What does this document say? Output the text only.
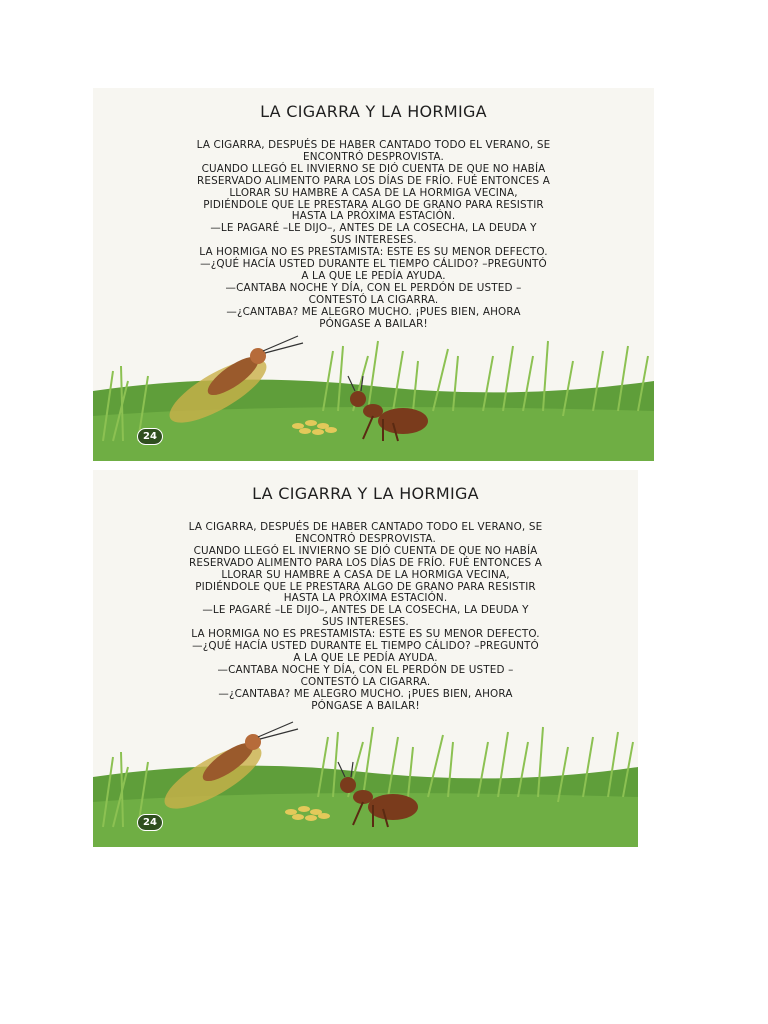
LA CIGARRA Y LA HORMIGA
LA CIGARRA, DESPUÉS DE HABER CANTADO TODO EL VERANO, SE
ENCONTRÓ DESPROVISTA.
CUANDO LLEGÓ EL INVIERNO SE DIÓ CUENTA DE QUE NO HABÍA
RESERVADO ALIMENTO PARA LOS DÍAS DE FRÍO. FUÉ ENTONCES A
LLORAR SU HAMBRE A CASA DE LA HORMIGA VECINA,
PIDIÉNDOLE QUE LE PRESTARA ALGO DE GRANO PARA RESISTIR
HASTA LA PRÓXIMA ESTACIÓN.
—LE PAGARÉ –LE DIJO–, ANTES DE LA COSECHA, LA DEUDA Y
SUS INTERESES.
LA HORMIGA NO ES PRESTAMISTA: ESTE ES SU MENOR DEFECTO.
—¿QUÉ HACÍA USTED DURANTE EL TIEMPO CÁLIDO? –PREGUNTÓ
A LA QUE LE PEDÍA AYUDA.
—CANTABA NOCHE Y DÍA, CON EL PERDÓN DE USTED –
CONTESTÓ LA CIGARRA.
—¿CANTABA? ME ALEGRO MUCHO. ¡PUES BIEN, AHORA
PÓNGASE A BAILAR!
24
LA CIGARRA Y LA HORMIGA
LA CIGARRA, DESPUÉS DE HABER CANTADO TODO EL VERANO, SE
ENCONTRÓ DESPROVISTA.
CUANDO LLEGÓ EL INVIERNO SE DIÓ CUENTA DE QUE NO HABÍA
RESERVADO ALIMENTO PARA LOS DÍAS DE FRÍO. FUÉ ENTONCES A
LLORAR SU HAMBRE A CASA DE LA HORMIGA VECINA,
PIDIÉNDOLE QUE LE PRESTARA ALGO DE GRANO PARA RESISTIR
HASTA LA PRÓXIMA ESTACIÓN.
—LE PAGARÉ –LE DIJO–, ANTES DE LA COSECHA, LA DEUDA Y
SUS INTERESES.
LA HORMIGA NO ES PRESTAMISTA: ESTE ES SU MENOR DEFECTO.
—¿QUÉ HACÍA USTED DURANTE EL TIEMPO CÁLIDO? –PREGUNTÓ
A LA QUE LE PEDÍA AYUDA.
—CANTABA NOCHE Y DÍA, CON EL PERDÓN DE USTED –
CONTESTÓ LA CIGARRA.
—¿CANTABA? ME ALEGRO MUCHO. ¡PUES BIEN, AHORA
PÓNGASE A BAILAR!
24
